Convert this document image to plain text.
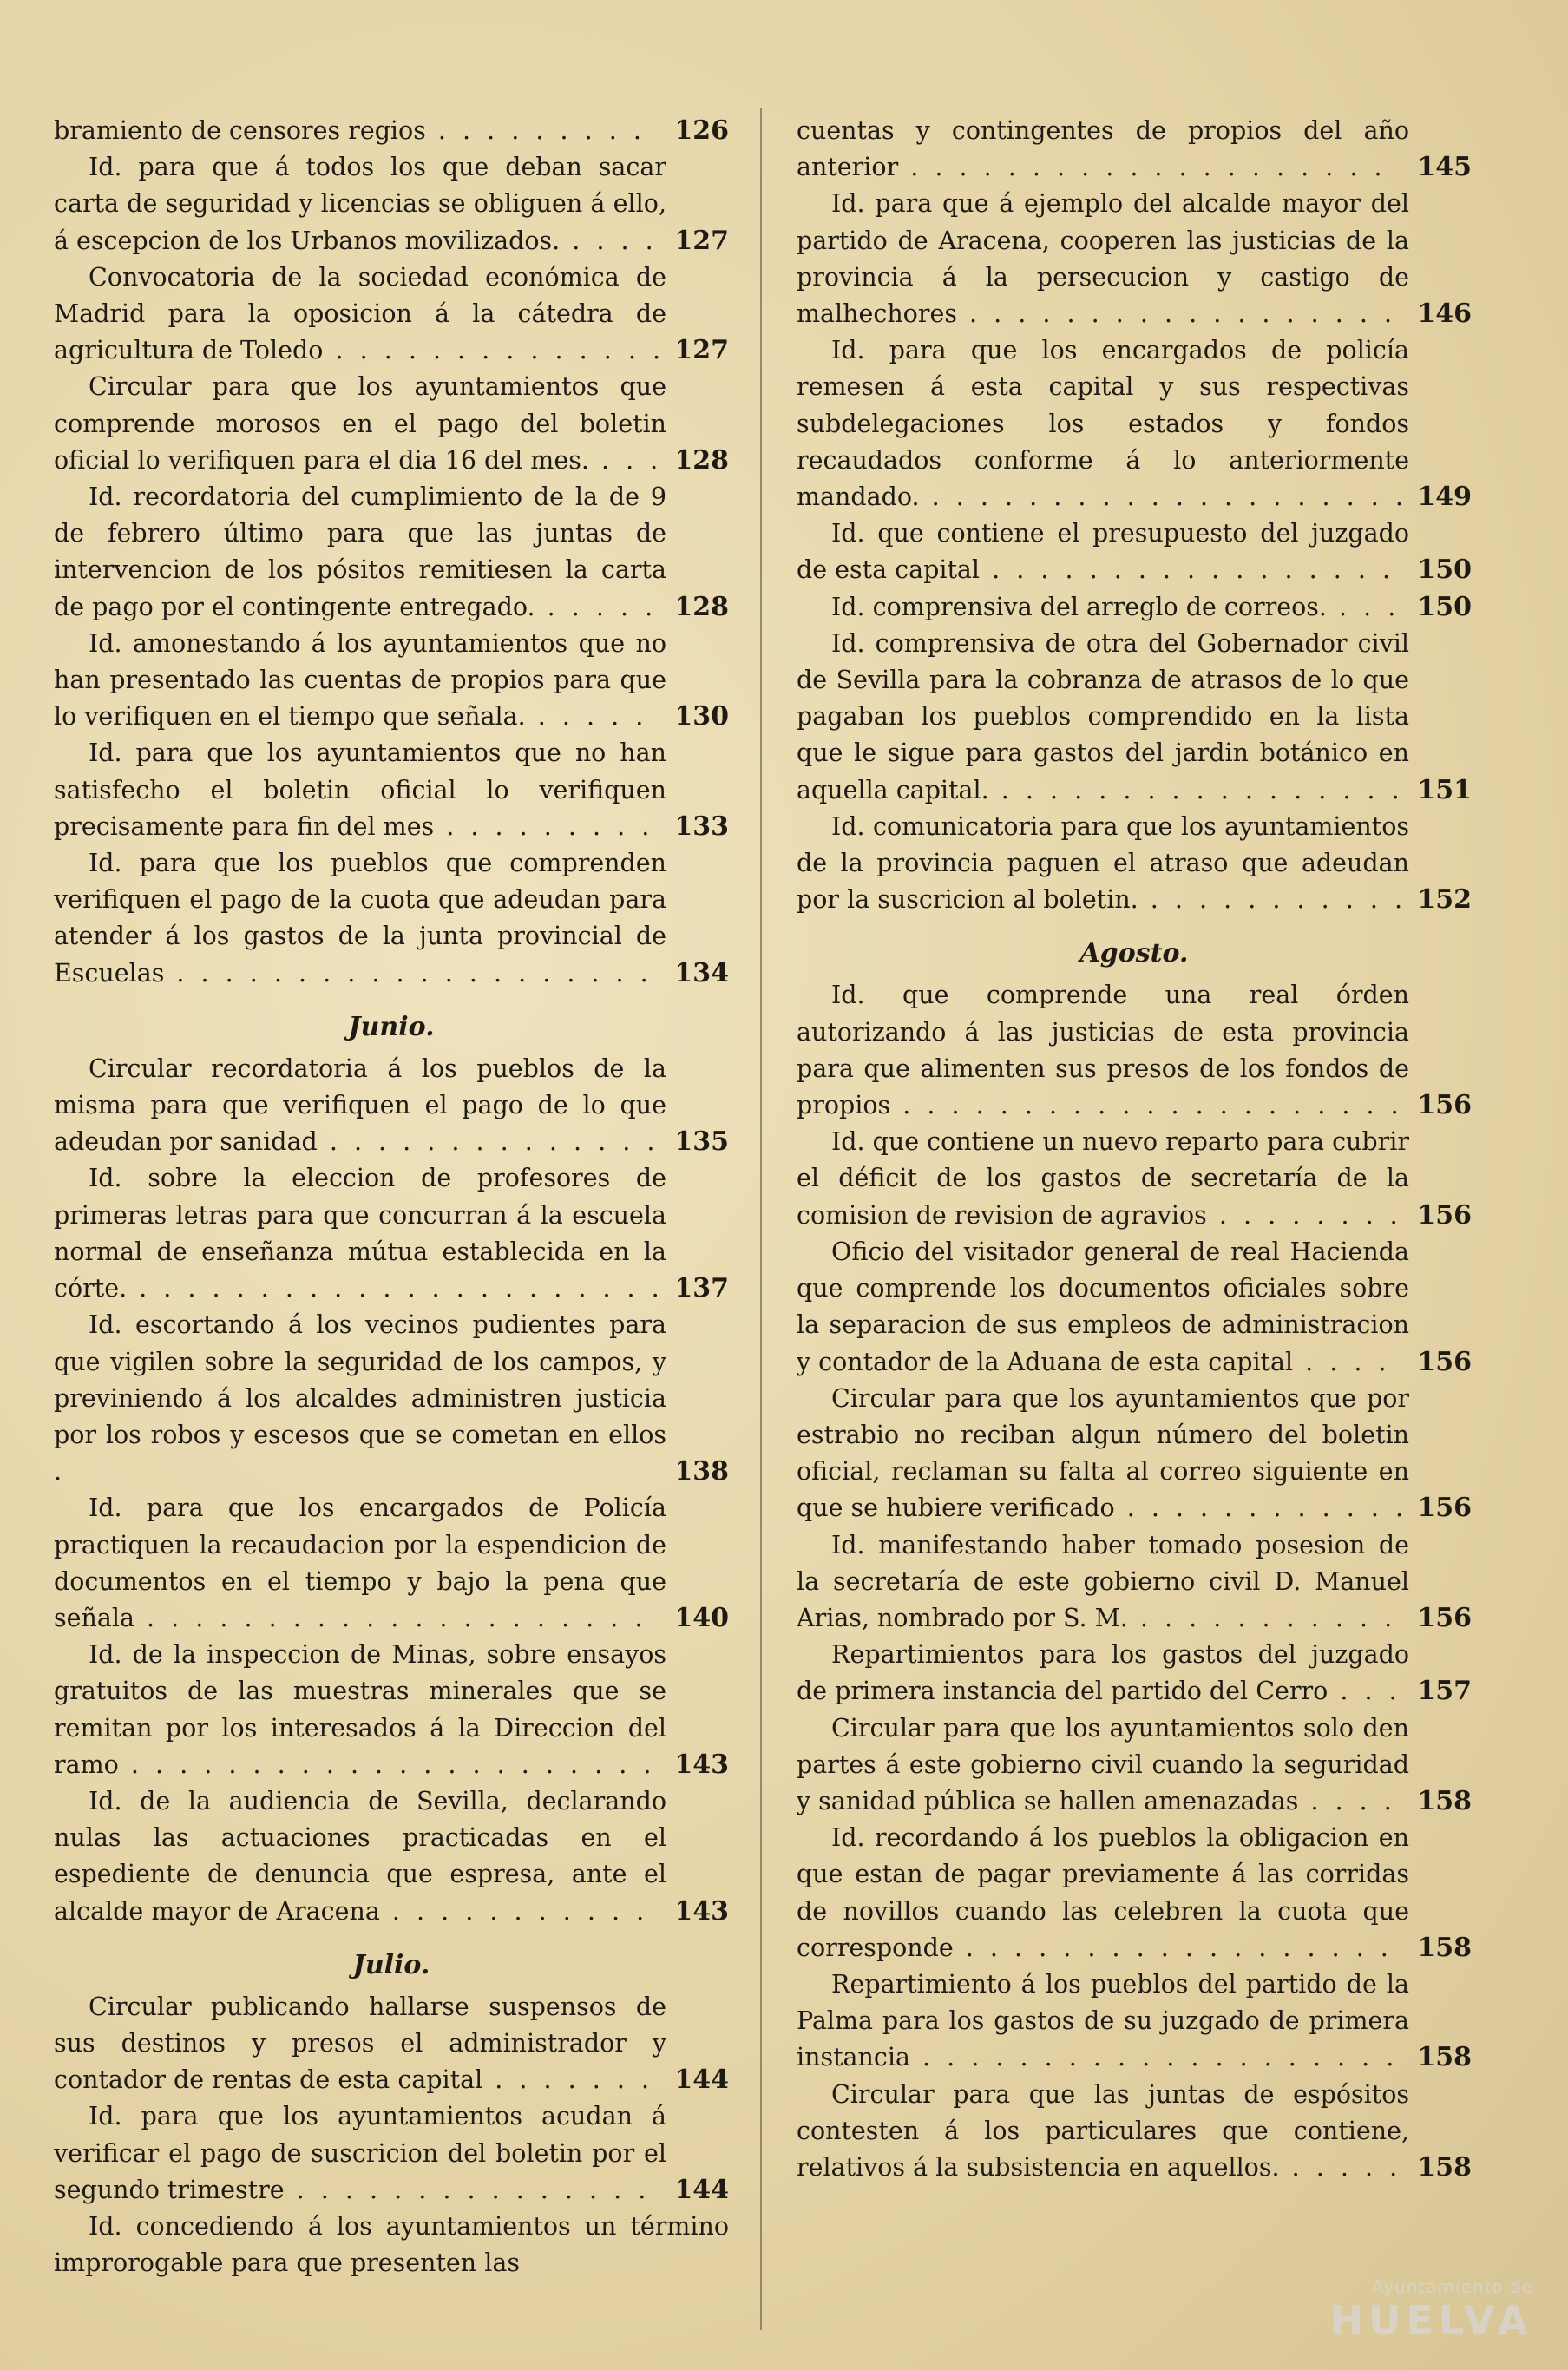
bramiento de censores regios . . . . . . . . . 126
Id. para que á todos los que deban sacar carta de seguridad y licencias se obliguen á ello, á escepcion de los Urbanos movilizados. . . . . 127
Convocatoria de la sociedad económica de Madrid para la oposicion á la cátedra de agricultura de Toledo . . . . . . . . . . . . . . 127
Circular para que los ayuntamientos que comprende morosos en el pago del boletin oficial lo verifiquen para el dia 16 del mes. . . . 128
Id. recordatoria del cumplimiento de la de 9 de febrero último para que las juntas de intervencion de los pósitos remitiesen la carta de pago por el contingente entregado. . . . . . 128
Id. amonestando á los ayuntamientos que no han presentado las cuentas de propios para que lo verifiquen en el tiempo que señala. . . . . . 130
Id. para que los ayuntamientos que no han satisfecho el boletin oficial lo verifiquen precisamente para fin del mes . . . . . . . . . 133
Id. para que los pueblos que comprenden verifiquen el pago de la cuota que adeudan para atender á los gastos de la junta provincial de Escuelas . . . . . . . . . . . . . . . . . . . . 134
Junio.
Circular recordatoria á los pueblos de la misma para que verifiquen el pago de lo que adeudan por sanidad . . . . . . . . . . . . . . 135
Id. sobre la eleccion de profesores de primeras letras para que concurran á la escuela normal de enseñanza mútua establecida en la córte. . . . . . . . . . . . . . . . . . . . . . . 137
Id. escortando á los vecinos pudientes para que vigilen sobre la seguridad de los campos, y previniendo á los alcaldes administren justicia por los robos y escesos que se cometan en ellos .	138
Id. para que los encargados de Policía practiquen la recaudacion por la espendicion de documentos en el tiempo y bajo la pena que señala . . . . . . . . . . . . . . . . . . . . . 140
Id. de la inspeccion de Minas, sobre ensayos gratuitos de las muestras minerales que se remitan por los interesados á la Direccion del ramo . . . . . . . . . . . . . . . . . . . . . . 143
Id. de la audiencia de Sevilla, declarando nulas las actuaciones practicadas en el espediente de denuncia que espresa, ante el alcalde mayor de Aracena . . . . . . . . . . . 143
Julio.
Circular publicando hallarse suspensos de sus destinos y presos el administrador y contador de rentas de esta capital . . . . . . . 144
Id. para que los ayuntamientos acudan á verificar el pago de suscricion del boletin por el segundo trimestre . . . . . . . . . . . . . . . 144

Id. concediendo á los ayuntamientos un término improrogable para que presenten las

cuentas y contingentes de propios del año anterior . . . . . . . . . . . . . . . . . . . . 145
Id. para que á ejemplo del alcalde mayor del partido de Aracena, cooperen las justicias de la provincia á la persecucion y castigo de malhechores . . . . . . . . . . . . . . . . . . 146
Id. para que los encargados de policía remesen á esta capital y sus respectivas subdelegaciones los estados y fondos recaudados conforme á lo anteriormente mandado. . . . . . . . . . . . . . . . . . . . . 149
Id. que contiene el presupuesto del juzgado de esta capital . . . . . . . . . . . . . . . . . 150
Id. comprensiva del arreglo de correos. . . . 150
Id. comprensiva de otra del Gobernador civil de Sevilla para la cobranza de atrasos de lo que pagaban los pueblos comprendido en la lista que le sigue para gastos del jardin botánico en aquella capital. . . . . . . . . . . . . . . . . . 151
Id. comunicatoria para que los ayuntamientos de la provincia paguen el atraso que adeudan por la suscricion al boletin. . . . . . . . . . . . 152
Agosto.
Id. que comprende una real órden autorizando á las justicias de esta provincia para que alimenten sus presos de los fondos de propios . . . . . . . . . . . . . . . . . . . . . 156
Id. que contiene un nuevo reparto para cubrir el déficit de los gastos de secretaría de la comision de revision de agravios . . . . . . . . 156
Oficio del visitador general de real Hacienda que comprende los documentos oficiales sobre la separacion de sus empleos de administracion y contador de la Aduana de esta capital . . . . 156
Circular para que los ayuntamientos que por estrabio no reciban algun número del boletin oficial, reclaman su falta al correo siguiente en que se hubiere verificado . . . . . . . . . . . . 156
Id. manifestando haber tomado posesion de la secretaría de este gobierno civil D. Manuel Arias, nombrado por S. M. . . . . . . . . . . . 156
Repartimientos para los gastos del juzgado de primera instancia del partido del Cerro . . . 157
Circular para que los ayuntamientos solo den partes á este gobierno civil cuando la seguridad y sanidad pública se hallen amenazadas . . . . 158
Id. recordando á los pueblos la obligacion en que estan de pagar previamente á las corridas de novillos cuando las celebren la cuota que corresponde . . . . . . . . . . . . . . . . . . 158
Repartimiento á los pueblos del partido de la Palma para los gastos de su juzgado de primera instancia . . . . . . . . . . . . . . . . . . . . 158
Circular para que las juntas de espósitos contesten á los particulares que contiene, relativos á la subsistencia en aquellos. . . . . . 158
Ayuntamiento de
HUELVA
